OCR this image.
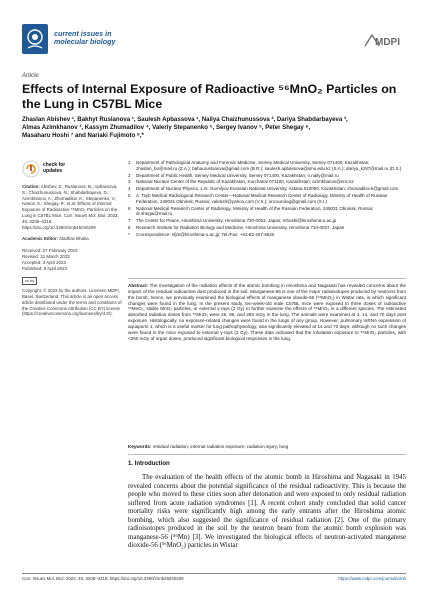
current issues in
molecular biology	MDPI
Article
Effects of Internal Exposure of Radioactive ⁵⁶MnO₂ Particles on
the Lung in C57BL Mice
Zhaslan Abishev ¹, Bakhyt Ruslanova ¹, Saulesh Apbassova ¹, Nailya Chaizhunussova ², Dariya Shabdarbayeva ³,
Almas Azimkhanov ³, Kassym Zhumadilov ⁴, Valeriy Stepanenko ⁵, Sergey Ivanov ⁵, Peter Shegay ⁶,
Masaharu Hoshi ⁷ and Nariaki Fujimoto ⁸,*
check for
updates
Citation: Abishev, Z.; Ruslanova, B.; Apbassova, S.; Chaizhunussova, N.; Shabdarbayeva, D.; Azimkhanov, A.; Zhumadilov, K.; Stepanenko, V.; Ivanov, S.; Shegay, P.; et al. Effects of Internal Exposure of Radioactive ⁵⁶MnO₂ Particles on the Lung in C57BL Mice. Curr. Issues Mol. Biol. 2023, 45, 3208–3218. https://doi.org/10.3390/cimb45040209
Academic Editor: Madhav Bhatia
Received: 27 February 2023
Revised: 31 March 2023
Accepted: 3 April 2023
Published: 6 April 2023
cc by
Copyright: © 2023 by the authors. Licensee MDPI, Basel, Switzerland. This article is an open access article distributed under the terms and conditions of the Creative Commons Attribution (CC BY) license (https://creativecommons.org/licenses/by/4.0/).
1	Department of Pathological Anatomy and Forensic Medicine, Semey Medical University, Semey 071400, Kazakhstan; zhaslan_bo@mail.ru (Z.A.); bahaurusloanva@gmail.com (B.R.); saulesh.apbassova@smu.edu.kz (S.A.); dariya_kz87@mail.ru (D.S.)
2	Department of Public Health, Semey Medical University, Semey 071400, Kazakhstan; n.naily@mail.ru
3	National Nuclear Center of the Republic of Kazakhstan, Kurchatov 071100, Kazakhstan; azimkhanov@nnc.kz
4	Department of Nuclear Physics, L.N. Gumilyov Eurasian National University, Astana 010000, Kazakhstan; zhumadilov.k@gmail.com
5	A. Tsyb Medical Radiological Research Center—National Medical Research Center of Radiology, Ministry of Health of Russian Federation, 249031 Obninsk, Russia; valerisfr@yahoo.com (V.S.); oncourolog@gmail.com (S.I.)
6	National Medical Research Center of Radiology, Ministry of Health of the Russian Federation, 249031 Obninsk, Russia; dr.shegai@mail.ru
7	The Center for Peace, Hiroshima University, Hiroshima 730-0053, Japan; mhoshi@hiroshima-u.ac.jp
8	Research Institute for Radiation Biology and Medicine, Hiroshima University, Hiroshima 734-0037, Japan
*	Correspondence: nfjm@hiroshima-u.ac.jp; Tel./Fax: +81-82-257-5820
Abstract: The investigation of the radiation effects of the atomic bombing in Hiroshima and Nagasaki has revealed concerns about the impact of the residual radioactive dust produced in the soil. Manganese-56 is one of the major radioisotopes produced by neutrons from the bomb; hence, we previously examined the biological effects of manganese dioxide-56 (⁵⁶MnO₂) in Wistar rats, in which significant changes were found in the lung. In the present study, ten-week-old male C57BL mice were exposed to three doses of radioactive ⁵⁶MnO₂, stable MnO₂ particles, or external γ-rays (2 Gy) to further examine the effects of ⁵⁶MnO₂ in a different species. The estimated absorbed radiation doses from ⁵⁶MnO₂ were 26, 96, and 250 mGy in the lung. The animals were examined at 3, 14, and 70 days post exposure. Histologically, no exposure-related changes were found in the lungs of any group. However, pulmonary mRNA expression of aquaporin 1, which is a useful marker for lung pathophysiology, was significantly elevated at 14 and 70 days, although no such changes were found in the mice exposed to external γ-rays (2 Gy). These data indicated that the inhalation exposure to ⁵⁶MnO₂ particles, with <250 mGy of organ doses, produced significant biological responses in the lung.
Keywords: residual radiation; internal radiation exposure; radiation injury; lung
1. Introduction
The evaluation of the health effects of the atomic bomb in Hiroshima and Nagasaki in 1945 revealed concerns about the potential significance of the residual radioactivity. This is because the people who moved to these cities soon after detonation and were exposed to only residual radiation suffered from acute radiation syndromes [1]. A recent cohort study concluded that solid cancer mortality risks were significantly high among the early entrants after the Hiroshima atomic bombing, which also suggested the significance of residual radiation [2]. One of the primary radioisotopes produced in the soil by the neutron beam from the atomic bomb explosion was manganese-56 (⁵⁶Mn) [3]. We investigated the biological effects of neutron-activated manganese dioxide-56 (⁵⁶MnO₂) particles in Wistar
Curr. Issues Mol. Biol. 2023, 45, 3208–3218. https://doi.org/10.3390/cimb45040209	https://www.mdpi.com/journal/cimb
